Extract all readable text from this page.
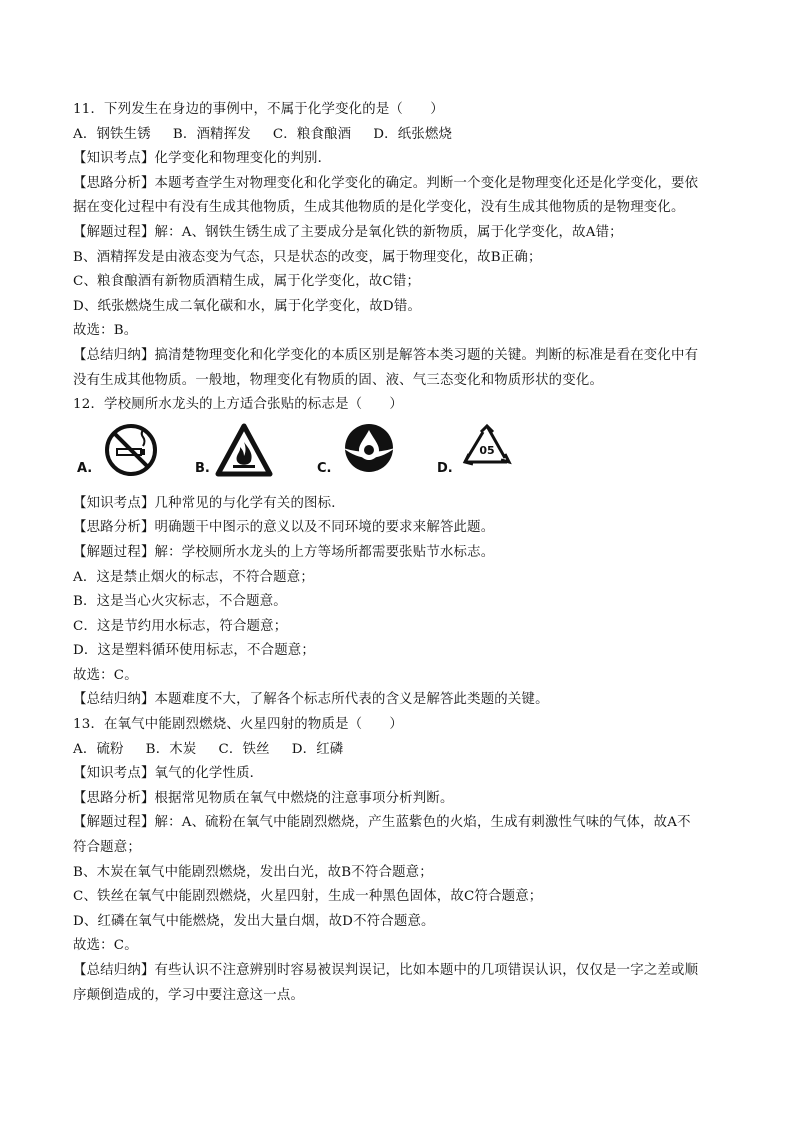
11．下列发生在身边的事例中，不属于化学变化的是（　　）
A．钢铁生锈 B．酒精挥发 C．粮食酿酒 D．纸张燃烧
【知识考点】化学变化和物理变化的判别．
【思路分析】本题考查学生对物理变化和化学变化的确定。判断一个变化是物理变化还是化学变化，要依
据在变化过程中有没有生成其他物质，生成其他物质的是化学变化，没有生成其他物质的是物理变化。
【解题过程】解：A、钢铁生锈生成了主要成分是氧化铁的新物质，属于化学变化，故A错；
B、酒精挥发是由液态变为气态，只是状态的改变，属于物理变化，故B正确；
C、粮食酿酒有新物质酒精生成，属于化学变化，故C错；
D、纸张燃烧生成二氧化碳和水，属于化学变化，故D错。
故选：B。
【总结归纳】搞清楚物理变化和化学变化的本质区别是解答本类习题的关键。判断的标准是看在变化中有
没有生成其他物质。一般地，物理变化有物质的固、液、气三态变化和物质形状的变化。
12．学校厕所水龙头的上方适合张贴的标志是（　　）
A.	B.	C.	D.
05
【知识考点】几种常见的与化学有关的图标．
【思路分析】明确题干中图示的意义以及不同环境的要求来解答此题。
【解题过程】解：学校厕所水龙头的上方等场所都需要张贴节水标志。
A．这是禁止烟火的标志，不符合题意；
B．这是当心火灾标志，不合题意。
C．这是节约用水标志，符合题意；
D．这是塑料循环使用标志，不合题意；
故选：C。
【总结归纳】本题难度不大，了解各个标志所代表的含义是解答此类题的关键。
13．在氧气中能剧烈燃烧、火星四射的物质是（　　）
A．硫粉 B．木炭 C．铁丝 D．红磷
【知识考点】氧气的化学性质．
【思路分析】根据常见物质在氧气中燃烧的注意事项分析判断。
【解题过程】解：A、硫粉在氧气中能剧烈燃烧，产生蓝紫色的火焰，生成有刺激性气味的气体，故A不
符合题意；
B、木炭在氧气中能剧烈燃烧，发出白光，故B不符合题意；
C、铁丝在氧气中能剧烈燃烧，火星四射，生成一种黑色固体，故C符合题意；
D、红磷在氧气中能燃烧，发出大量白烟，故D不符合题意。
故选：C。
【总结归纳】有些认识不注意辨别时容易被误判误记，比如本题中的几项错误认识，仅仅是一字之差或顺
序颠倒造成的，学习中要注意这一点。
